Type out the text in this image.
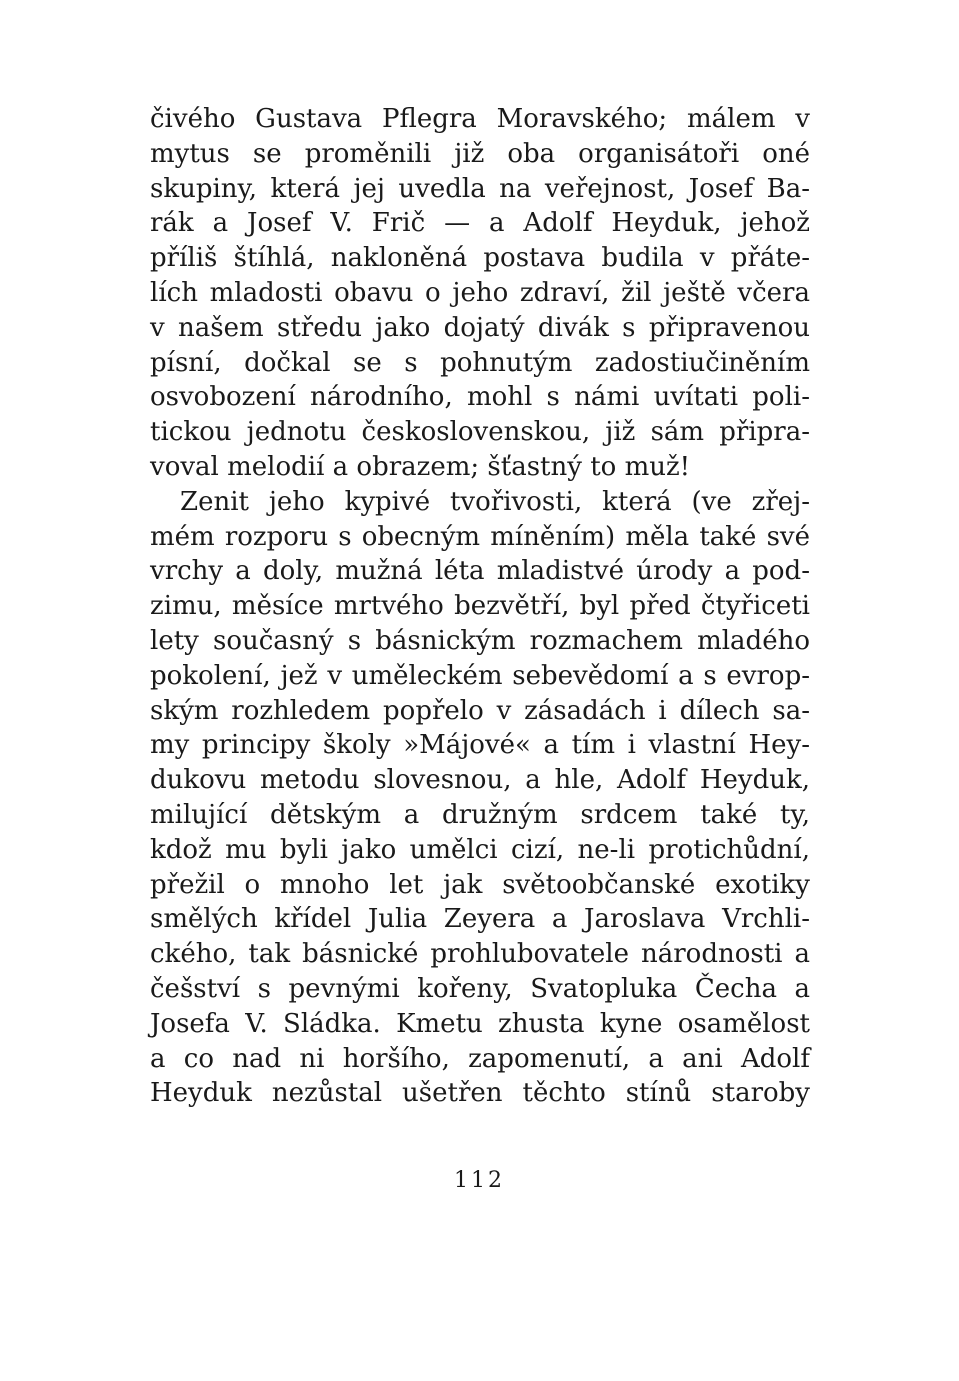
čivého Gustava Pflegra Moravského; málem v
mytus se proměnili již oba organisátoři oné
skupiny, která jej uvedla na veřejnost, Josef Ba-
rák a Josef V. Frič — a Adolf Heyduk, jehož
příliš štíhlá, nakloněná postava budila v přáte-
lích mladosti obavu o jeho zdraví, žil ještě včera
v našem středu jako dojatý divák s připravenou
písní, dočkal se s pohnutým zadostiučiněním
osvobození národního, mohl s námi uvítati poli-
tickou jednotu československou, již sám připra-
voval melodií a obrazem; šťastný to muž!
Zenit jeho kypivé tvořivosti, která (ve zřej-
mém rozporu s obecným míněním) měla také své
vrchy a doly, mužná léta mladistvé úrody a pod-
zimu, měsíce mrtvého bezvětří, byl před čtyřiceti
lety současný s básnickým rozmachem mladého
pokolení, jež v uměleckém sebevědomí a s evrop-
ským rozhledem popřelo v zásadách i dílech sa-
my principy školy »Májové« a tím i vlastní Hey-
dukovu metodu slovesnou, a hle, Adolf Heyduk,
milující dětským a družným srdcem také ty,
kdož mu byli jako umělci cizí, ne-li protichůdní,
přežil o mnoho let jak světoobčanské exotiky
smělých křídel Julia Zeyera a Jaroslava Vrchli-
ckého, tak básnické prohlubovatele národnosti a
češství s pevnými kořeny, Svatopluka Čecha a
Josefa V. Sládka. Kmetu zhusta kyne osamělost
a co nad ni horšího, zapomenutí, a ani Adolf
Heyduk nezůstal ušetřen těchto stínů staroby
112
